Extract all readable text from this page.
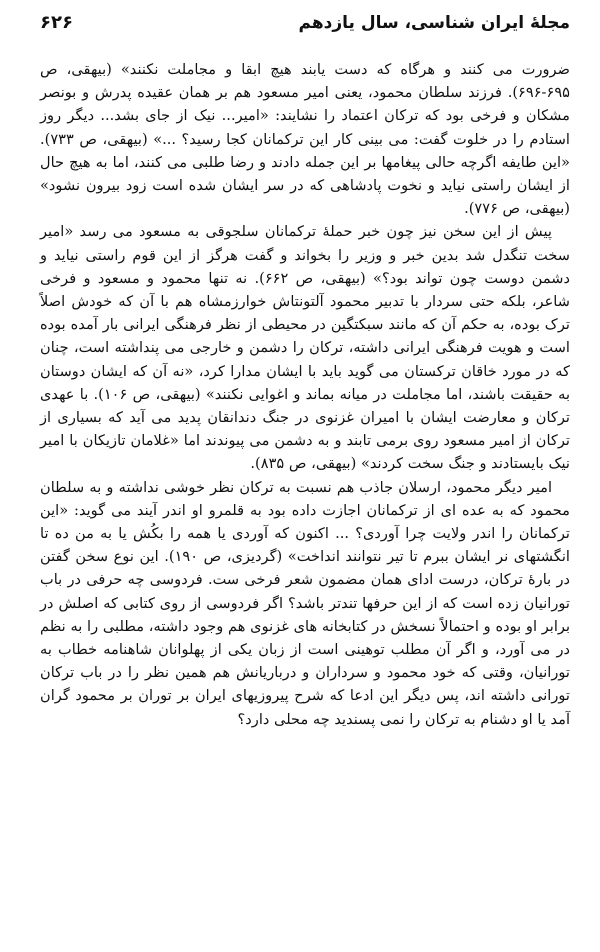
مجلهٔ ایران شناسی، سال یازدهم
۶۲۶

ضرورت می کنند و هرگاه که دست یابند هیچ ابقا و مجاملت نکنند» (بیهقی، ص ۶۹۵-۶۹۶). فرزند سلطان محمود، یعنی امیر مسعود هم بر همان عقیده پدرش و بونصر مشکان و فرخی بود که ترکان اعتماد را نشایند: «امیر... نیک از جای بشد... دیگر روز استادم را در خلوت گفت: می بینی کار این ترکمانان کجا رسید؟ ...» (بیهقی، ص ۷۳۳). «این طایفه اگرچه حالی پیغامها بر این جمله دادند و رضا طلبی می کنند، اما به هیچ حال از ایشان راستی نیاید و نخوت پادشاهی که در سر ایشان شده است زود بیرون نشود» (بیهقی، ص ۷۷۶).

پیش از این سخن نیز چون خبر حملهٔ ترکمانان سلجوقی به مسعود می رسد «امیر سخت تنگدل شد بدین خبر و وزیر را بخواند و گفت هرگز از این قوم راستی نیاید و دشمن دوست چون تواند بود؟» (بیهقی، ص ۶۶۲). نه تنها محمود و مسعود و فرخی شاعر، بلکه حتی سردار با تدبیر محمود آلتونتاش خوارزمشاه هم با آن که خودش اصلاً ترک بوده، به حکم آن که مانند سبکتگین در محیطی از نظر فرهنگی ایرانی بار آمده بوده است و هویت فرهنگی ایرانی داشته، ترکان را دشمن و خارجی می پنداشته است، چنان که در مورد خاقان ترکستان می گوید باید با ایشان مدارا کرد، «نه آن که ایشان دوستان به حقیقت باشند، اما مجاملت در میانه بماند و اغوایی نکنند» (بیهقی، ص ۱۰۶). با عهدی ترکان و معارضت ایشان با امیران غزنوی در جنگ دندانقان پدید می آید که بسیاری از ترکان از امیر مسعود روی برمی تابند و به دشمن می پیوندند اما «غلامان تازیکان با امیر نیک بایستادند و جنگ سخت کردند» (بیهقی، ص ۸۳۵).

امیر دیگر محمود، ارسلان جاذب هم نسبت به ترکان نظر خوشی نداشته و به سلطان محمود که به عده ای از ترکمانان اجازت داده بود به قلمرو او اندر آیند می گوید: «این ترکمانان را اندر ولایت چرا آوردی؟ ... اکنون که آوردی یا همه را بکُش یا به من ده تا انگشتهای نر ایشان ببرم تا تیر نتوانند انداخت» (گردیزی، ص ۱۹۰). این نوع سخن گفتن در بارهٔ ترکان، درست ادای همان مضمون شعر فرخی ست. فردوسی چه حرفی در باب تورانیان زده است که از این حرفها تندتر باشد؟ اگر فردوسی از روی کتابی که اصلش در برابر او بوده و احتمالاً نسخش در کتابخانه های غزنوی هم وجود داشته، مطلبی را به نظم در می آورد، و اگر آن مطلب توهینی است از زبان یکی از پهلوانان شاهنامه خطاب به تورانیان، وقتی که خود محمود و سرداران و درباریانش هم همین نظر را در باب ترکان تورانی داشته اند، پس دیگر این ادعا که شرح پیروزیهای ایران بر توران بر محمود گران آمد یا او دشنام به ترکان را نمی پسندید چه محلی دارد؟
